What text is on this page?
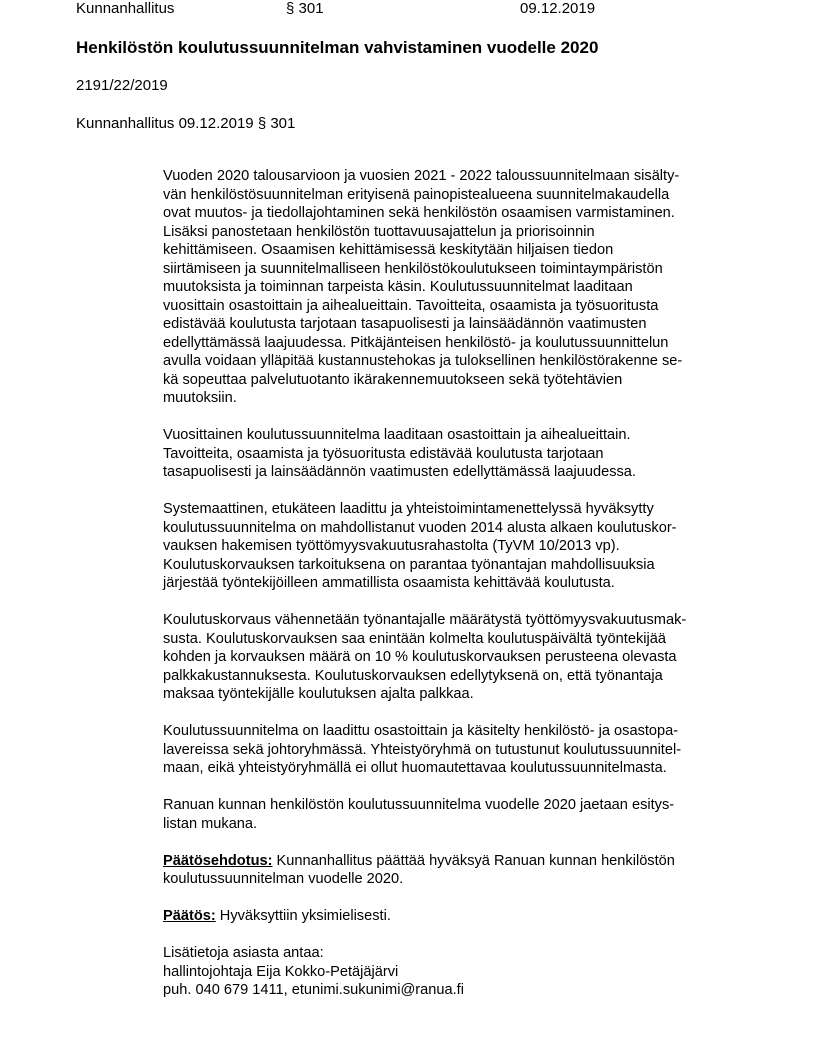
Kunnanhallitus	§ 301	09.12.2019
Henkilöstön koulutussuunnitelman vahvistaminen vuodelle 2020
2191/22/2019
Kunnanhallitus 09.12.2019 § 301
Vuoden 2020 talousarvioon ja vuosien 2021 - 2022 taloussuunnitelmaan sisälty-
vän henkilöstösuunnitelman erityisenä painopistealueena suunnitelmakaudella
ovat muutos- ja tiedollajohtaminen sekä henkilöstön osaamisen varmistaminen.
Lisäksi panostetaan henkilöstön tuottavuusajattelun ja priorisoinnin
kehittämiseen. Osaamisen kehittämisessä keskitytään hiljaisen tiedon
siirtämiseen ja suunnitelmalliseen henkilöstökoulutukseen toimintaympäristön
muutoksista ja toiminnan tarpeista käsin. Koulutussuunnitelmat laaditaan
vuosittain osastoittain ja aihealueittain. Tavoitteita, osaamista ja työsuoritusta
edistävää koulutusta tarjotaan tasapuolisesti ja lainsäädännön vaatimusten
edellyttämässä laajuudessa. Pitkäjänteisen henkilöstö- ja koulutussuunnittelun
avulla voidaan ylläpitää kustannustehokas ja tuloksellinen henkilöstörakenne se-
kä sopeuttaa palvelutuotanto ikärakennemuutokseen sekä työtehtävien
muutoksiin.
Vuosittainen koulutussuunnitelma laaditaan osastoittain ja aihealueittain.
Tavoitteita, osaamista ja työsuoritusta edistävää koulutusta tarjotaan
tasapuolisesti ja lainsäädännön vaatimusten edellyttämässä laajuudessa.
Systemaattinen, etukäteen laadittu ja yhteistoimintamenettelyssä hyväksytty
koulutussuunnitelma on mahdollistanut vuoden 2014 alusta alkaen koulutuskor-
vauksen hakemisen työttömyysvakuutusrahastolta (TyVM 10/2013 vp).
Koulutuskorvauksen tarkoituksena on parantaa työnantajan mahdollisuuksia
järjestää työntekijöilleen ammatillista osaamista kehittävää koulutusta.
Koulutuskorvaus vähennetään työnantajalle määrätystä työttömyysvakuutusmak-
susta. Koulutuskorvauksen saa enintään kolmelta koulutuspäivältä työntekijää
kohden ja korvauksen määrä on 10 % koulutuskorvauksen perusteena olevasta
palkkakustannuksesta. Koulutuskorvauksen edellytyksenä on, että työnantaja
maksaa työntekijälle koulutuksen ajalta palkkaa.
Koulutussuunnitelma on laadittu osastoittain ja käsitelty henkilöstö- ja osastopa-
lavereissa sekä johtoryhmässä. Yhteistyöryhmä on tutustunut koulutussuunnitel-
maan, eikä yhteistyöryhmällä ei ollut huomautettavaa koulutussuunnitelmasta.
Ranuan kunnan henkilöstön koulutussuunnitelma vuodelle 2020 jaetaan esitys-
listan mukana.
Päätösehdotus: Kunnanhallitus päättää hyväksyä Ranuan kunnan henkilöstön
koulutussuunnitelman vuodelle 2020.
Päätös: Hyväksyttiin yksimielisesti.
Lisätietoja asiasta antaa:
hallintojohtaja Eija Kokko-Petäjäjärvi
puh. 040 679 1411, etunimi.sukunimi@ranua.fi
